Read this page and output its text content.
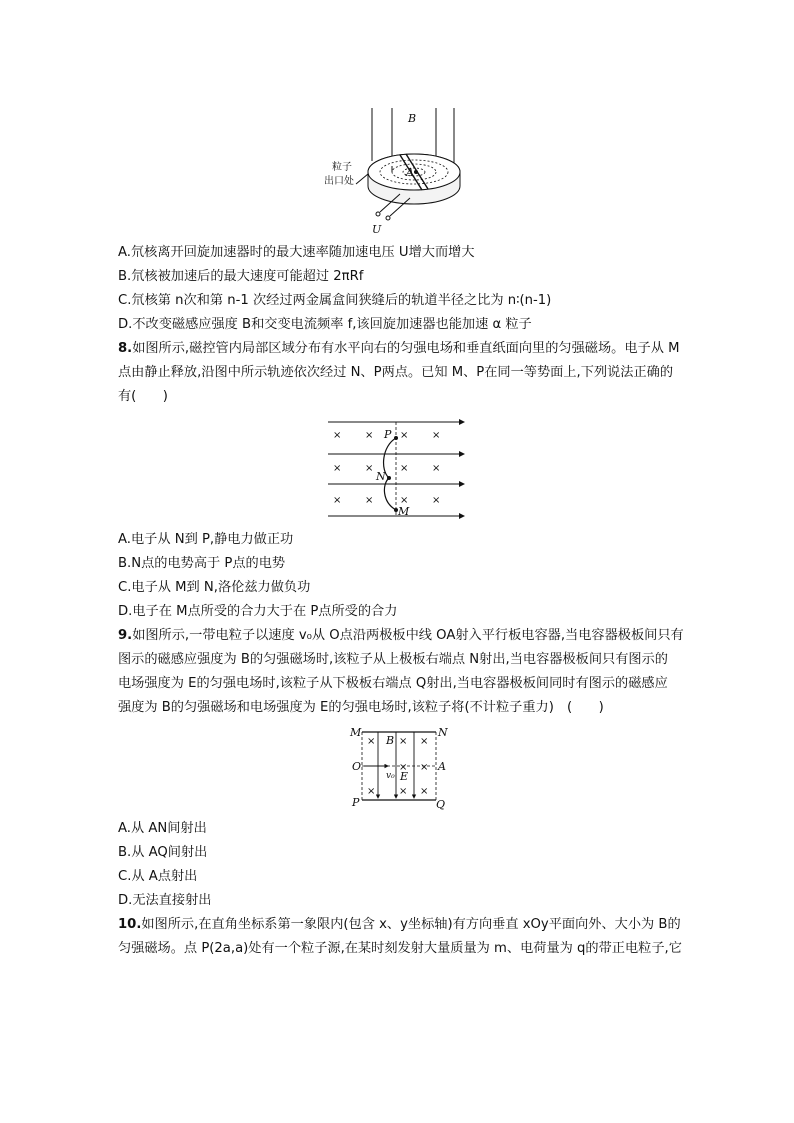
B
A
U
粒子
出口处
A.氘核离开回旋加速器时的最大速率随加速电压 U增大而增大
B.氘核被加速后的最大速度可能超过 2πRf
C.氘核第 n次和第 n-1 次经过两金属盒间狭缝后的轨道半径之比为 n∶(n-1)
D.不改变磁感应强度 B和交变电流频率 f,该回旋加速器也能加速 α 粒子
8.如图所示,磁控管内局部区域分布有水平向右的匀强电场和垂直纸面向里的匀强磁场。电子从 M
点由静止释放,沿图中所示轨迹依次经过 N、P两点。已知 M、P在同一等势面上,下列说法正确的
有(　　)
× ×	× ×
× ×	× ×
× ×	× ×
P
N
M
A.电子从 N到 P,静电力做正功
B.N点的电势高于 P点的电势
C.电子从 M到 N,洛伦兹力做负功
D.电子在 M点所受的合力大于在 P点所受的合力
9.如图所示,一带电粒子以速度 v₀从 O点沿两极板中线 OA射入平行板电容器,当电容器极板间只有
图示的磁感应强度为 B的匀强磁场时,该粒子从上极板右端点 N射出,当电容器极板间只有图示的
电场强度为 E的匀强电场时,该粒子从下极板右端点 Q射出,当电容器极板间同时有图示的磁感应
强度为 B的匀强磁场和电场强度为 E的匀强电场时,该粒子将(不计粒子重力)　(　　)
× × ×
× ×
× × ×
M	N
O	A
P	Q
B
E
v₀
A.从 AN间射出
B.从 AQ间射出
C.从 A点射出
D.无法直接射出
10.如图所示,在直角坐标系第一象限内(包含 x、y坐标轴)有方向垂直 xOy平面向外、大小为 B的
匀强磁场。点 P(2a,a)处有一个粒子源,在某时刻发射大量质量为 m、电荷量为 q的带正电粒子,它
